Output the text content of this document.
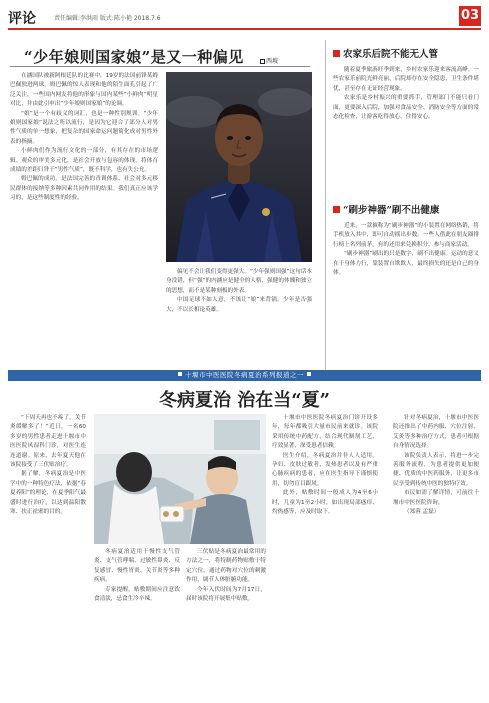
评论	责任编辑:李洪雨 版式:陈小艳 2018.7.6	03
“少年娘则国家娘”是又一种偏见	西坡

在涵国队被新阿根廷队的比赛中，19岁的法国前锋某姆巴佩独进两球。姆巴佩的惊人表现和他的陌生面孔引起了广泛关注，一些国内网友将他的形象与国内某些“小鲜肉”明星对比，并由此引申出“少年娘则国家娘”的论调。

“娘”是一个有歧义的词汇，也是一种性别规训。“少年娘则国家娘”说法之所以流行，是因为它迎合了部分人对男性气质的单一想象，把复杂的国家命运问题简化成对男性外表的指摘。

小鲜肉们作为流行文化的一部分，有其存在的市场逻辑。观众的审美多元化，是社会开放与包容的体现。将体育成绩的差距归咎于“男性气质”，既不科学，也有失公允。

姆巴佩的成功，是法国完善的青训体系、社会对多元移民群体的接纳等多种因素共同作用的结果。我们真正应该学习的，是这些制度性的经验。

偏见不会让我们变得更强大。“少年强则国强”这句话本身没错，但“强”的内涵应是健全的人格、强健的体魄和独立的思想，而不是某种刻板的外表。

中国足球不如人意，不该让“娘”来背锅。少年是否强大，不以长相论英雄。

农家乐后院不能无人管

随着夏季旅游旺季到来，乡村农家乐迎来客流高峰。一些农家乐前院光鲜亮丽，后院却存在安全隐患，卫生条件堪忧，甚至存在无证经营现象。

农家乐是乡村振兴的重要抓手，管理部门不能只看门面，更要深入后院，加强对食品安全、消防安全等方面的常态化检查，让游客吃得放心、住得安心。

“刷步神器”刷不出健康

近来，一款被称为“刷步神器”的小装置在网络热销，将手机放入其中，即可自动摇出步数。一些人借此在朋友圈排行榜上名列前茅，有的还用来兑换积分、参与商家活动。

“刷步神器”刷出的只是数字，刷不出健康。运动的意义在于身体力行，靠装置自欺欺人，最终损失的还是自己的身体。

十堰市中医医院冬病夏治系列报道之一
冬病夏治 治在当“夏”

“下周天再也不疼了，关节炎缓解多了！”近日，一名60多岁的男性患者走进十堰市中医医院风湿科门诊，对医生连连道谢。原来，去年夏天他在该院接受了三伏贴治疗。

据了解，冬病夏治是中医学中的一种特色疗法，依据“春夏养阳”的理论，在夏季阳气最盛时进行治疗，以达到温阳散寒、扶正祛邪的目的。

冬病夏治适用于慢性支气管炎、支气管哮喘、过敏性鼻炎、反复感冒、慢性胃炎、关节炎等多种疾病。

专家提醒，贴敷期间应注意饮食清淡，忌食生冷辛辣。

三伏贴是冬病夏治最常用的方法之一，将特制药物贴敷于特定穴位，通过药物对穴位的刺激作用，调节人体脏腑功能。

今年入伏时间为7月17日，届时该院将开展集中贴敷。

十堰市中医医院冬病夏治门诊开设多年，每年都吸引大量市民前来就诊。该院采用传统中药配方，结合现代制剂工艺，疗效显著，深受患者信赖。

医生介绍，冬病夏治并非人人适用。孕妇、皮肤过敏者、发热患者以及有严重心肺疾病的患者，应在医生指导下谨慎使用，切勿盲目跟风。

此外，贴敷时间一般成人为4至6小时，儿童为1至2小时，如出现局部瘙痒、灼热感等，应及时取下。

针对冬病夏治，十堰市中医医院还推出了中药内服、穴位注射、艾灸等多种治疗方式，患者可根据自身情况选择。

该院负责人表示，将进一步完善服务流程，为患者提供更加便捷、优质的中医药服务，让更多市民享受到传统中医的独特疗效。

市民如需了解详情，可前往十堰市中医医院咨询。

（郑蓉 孟磊）
